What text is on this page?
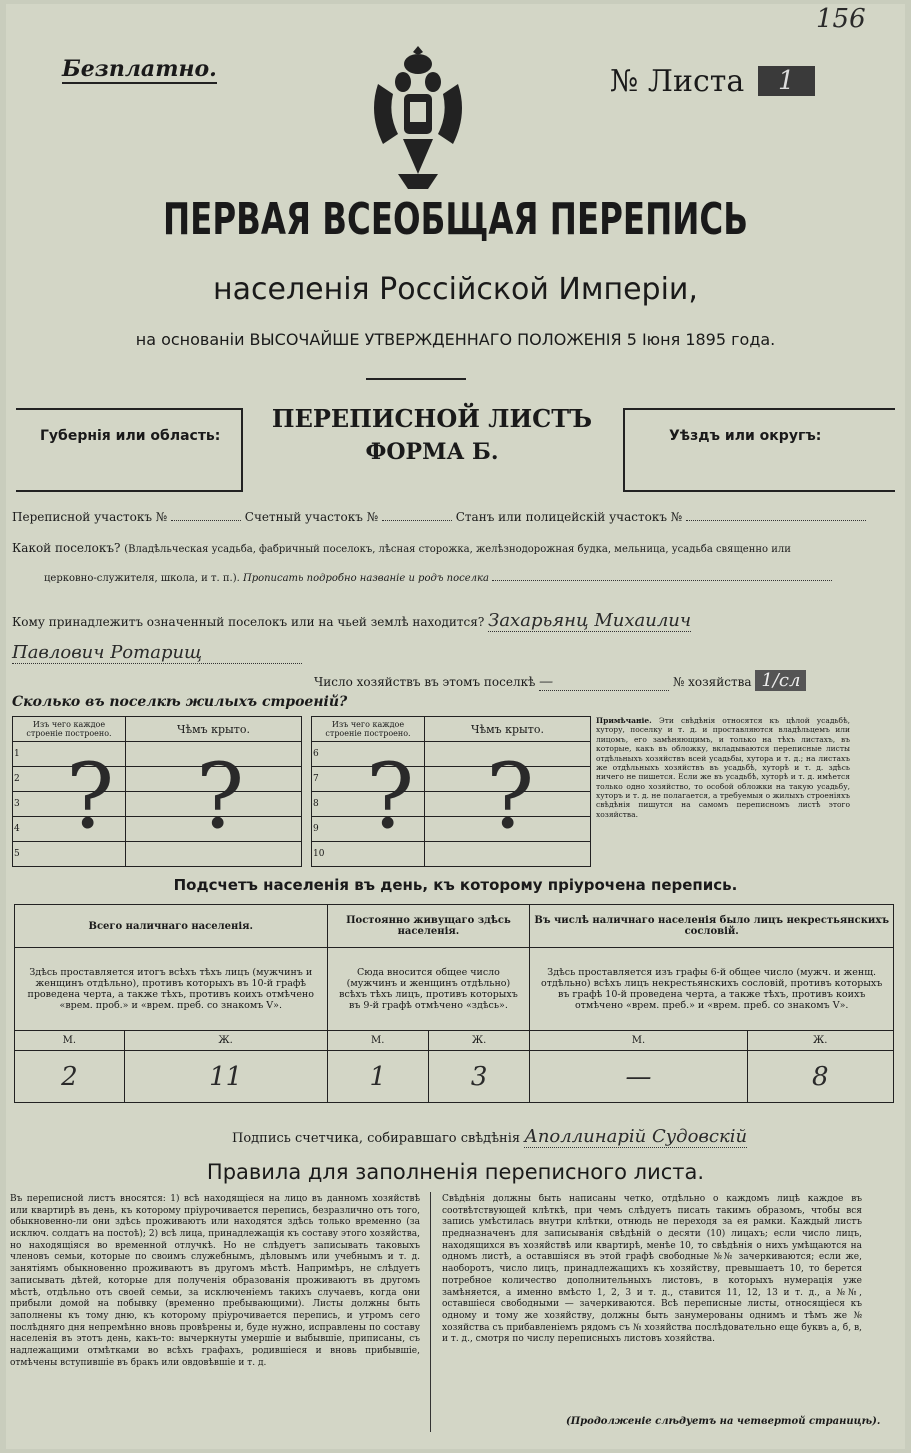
Безплатно.	№ Листа	1
156
ПЕРВАЯ ВСЕОБЩАЯ ПЕРЕПИСЬ
населенія Россійской Имперіи,
на основаніи ВЫСОЧАЙШЕ УТВЕРЖДЕННАГО ПОЛОЖЕНІЯ 5 Іюня 1895 года.
Губернія или область:
ПЕРЕПИСНОЙ ЛИСТЪ
ФОРМА Б.
Уѣздъ или округъ:
Переписной участокъ №	Счетный участокъ №	Станъ или полицейскій участокъ №
Какой поселокъ? (Владѣльческая усадьба, фабричный поселокъ, лѣсная сторожка, желѣзнодорожная будка, мельница, усадьба священно или
церковно-служителя, школа, и т. п.). Прописать подробно названіе и родъ поселка
Кому принадлежитъ означенный поселокъ или на чьей землѣ находится? Захарьянц Михаилич
Павлович Ротарищ
Число хозяйствъ въ этомъ поселкѣ —	№ хозяйства 1/сл
Сколько въ поселкѣ жилыхъ строеній?
Изъ чего каждое строеніе построено.	Чѣмъ крыто.
1	
2	
3	
4	
5	
Изъ чего каждое строеніе построено.	Чѣмъ крыто.
6	
7	
8	
9	
10	
? ? ? ?
Примѣчаніе. Эти свѣдѣнія относятся къ цѣлой усадьбѣ, хутору, поселку и т. д. и проставляются владѣльцемъ или лицомъ, его замѣняющимъ, и только на тѣхъ листахъ, въ которые, какъ въ обложку, вкладываются переписные листы отдѣльныхъ хозяйствъ всей усадьбы, хутора и т. д.; на листахъ же отдѣльныхъ хозяйствъ въ усадьбѣ, хуторѣ и т. д. здѣсь ничего не пишется. Если же въ усадьбѣ, хуторѣ и т. д. имѣется только одно хозяйство, то особой обложки на такую усадьбу, хуторъ и т. д. не полагается, а требуемыя о жилыхъ строеніяхъ свѣдѣнія пишутся на самомъ переписномъ листѣ этого хозяйства.
Подсчетъ населенія въ день, къ которому пріурочена перепись.
Всего наличнаго населенія.		Постоянно живущаго здѣсь населенія.		Въ числѣ наличнаго населенія было лицъ некрестьянскихъ сословій.	
Здѣсь проставляется итогъ всѣхъ тѣхъ лицъ (мужчинъ и женщинъ отдѣльно), противъ которыхъ въ 10-й графѣ проведена черта, а также тѣхъ, противъ коихъ отмѣчено «врем. проб.» и «врем. преб. со знакомъ V».		Сюда вносится общее число (мужчинъ и женщинъ отдѣльно) всѣхъ тѣхъ лицъ, противъ которыхъ въ 9-й графѣ отмѣчено «здѣсь».		Здѣсь проставляется изъ графы 6-й общее число (мужч. и женщ. отдѣльно) всѣхъ лицъ некрестьянскихъ сословій, противъ которыхъ въ графѣ 10-й проведена черта, а также тѣхъ, противъ коихъ отмѣчено «врем. преб.» и «врем. преб. со знакомъ V».	
М.	Ж.	М.	Ж.	М.	Ж.
2	11	1	3	—	8
Подпись счетчика, собиравшаго свѣдѣнія Аполлинарій Судовскій
Правила для заполненія переписного листа.
Въ переписной листъ вносятся: 1) всѣ находящіеся на лицо въ данномъ хозяйствѣ или квартирѣ въ день, къ которому пріурочивается перепись, безразлично отъ того, обыкновенно-ли они здѣсь проживаютъ или находятся здѣсь только временно (за исключ. солдатъ на постоѣ); 2) всѣ лица, принадлежащія къ составу этого хозяйства, но находящіяся во временной отлучкѣ. Но не слѣдуетъ записывать таковыхъ членовъ семьи, которые по своимъ служебнымъ, дѣловымъ или учебнымъ и т. д. занятіямъ обыкновенно проживаютъ въ другомъ мѣстѣ. Напримѣръ, не слѣдуетъ записывать дѣтей, которые для полученія образованія проживаютъ въ другомъ мѣстѣ, отдѣльно отъ своей семьи, за исключеніемъ такихъ случаевъ, когда они прибыли домой на побывку (временно пребывающими). Листы должны быть заполнены къ тому дню, къ которому пріурочивается перепись, и утромъ сего послѣдняго дня непремѣнно вновь провѣрены и, буде нужно, исправлены по составу населенія въ этотъ день, какъ-то: вычеркнуты умершіе и выбывшіе, приписаны, съ надлежащими отмѣтками во всѣхъ графахъ, родившіеся и вновь прибывшіе, отмѣчены вступившіе въ бракъ или овдовѣвшіе и т. д.
Свѣдѣнія должны быть написаны четко, отдѣльно о каждомъ лицѣ каждое въ соотвѣтствующей клѣткѣ, при чемъ слѣдуетъ писать такимъ образомъ, чтобы вся запись умѣстилась внутри клѣтки, отнюдь не переходя за ея рамки. Каждый листъ предназначенъ для записыванія свѣдѣній о десяти (10) лицахъ; если число лицъ, находящихся въ хозяйствѣ или квартирѣ, менѣе 10, то свѣдѣнія о нихъ умѣщаются на одномъ листѣ, а оставшіяся въ этой графѣ свободные №№ зачеркиваются; если же, наоборотъ, число лицъ, принадлежащихъ къ хозяйству, превышаетъ 10, то берется потребное количество дополнительныхъ листовъ, в которыхъ нумерація уже замѣняется, а именно вмѣсто 1, 2, 3 и т. д., ставится 11, 12, 13 и т. д., а №№, оставшіеся свободными — зачеркиваются. Всѣ переписные листы, относящіеся къ одному и тому же хозяйству, должны быть занумерованы однимъ и тѣмъ же № хозяйства съ прибавленіемъ рядомъ съ № хозяйства послѣдовательно еще буквъ а, б, в, и т. д., смотря по числу переписныхъ листовъ хозяйства.
(Продолженіе слѣдуетъ на четвертой страницѣ).
